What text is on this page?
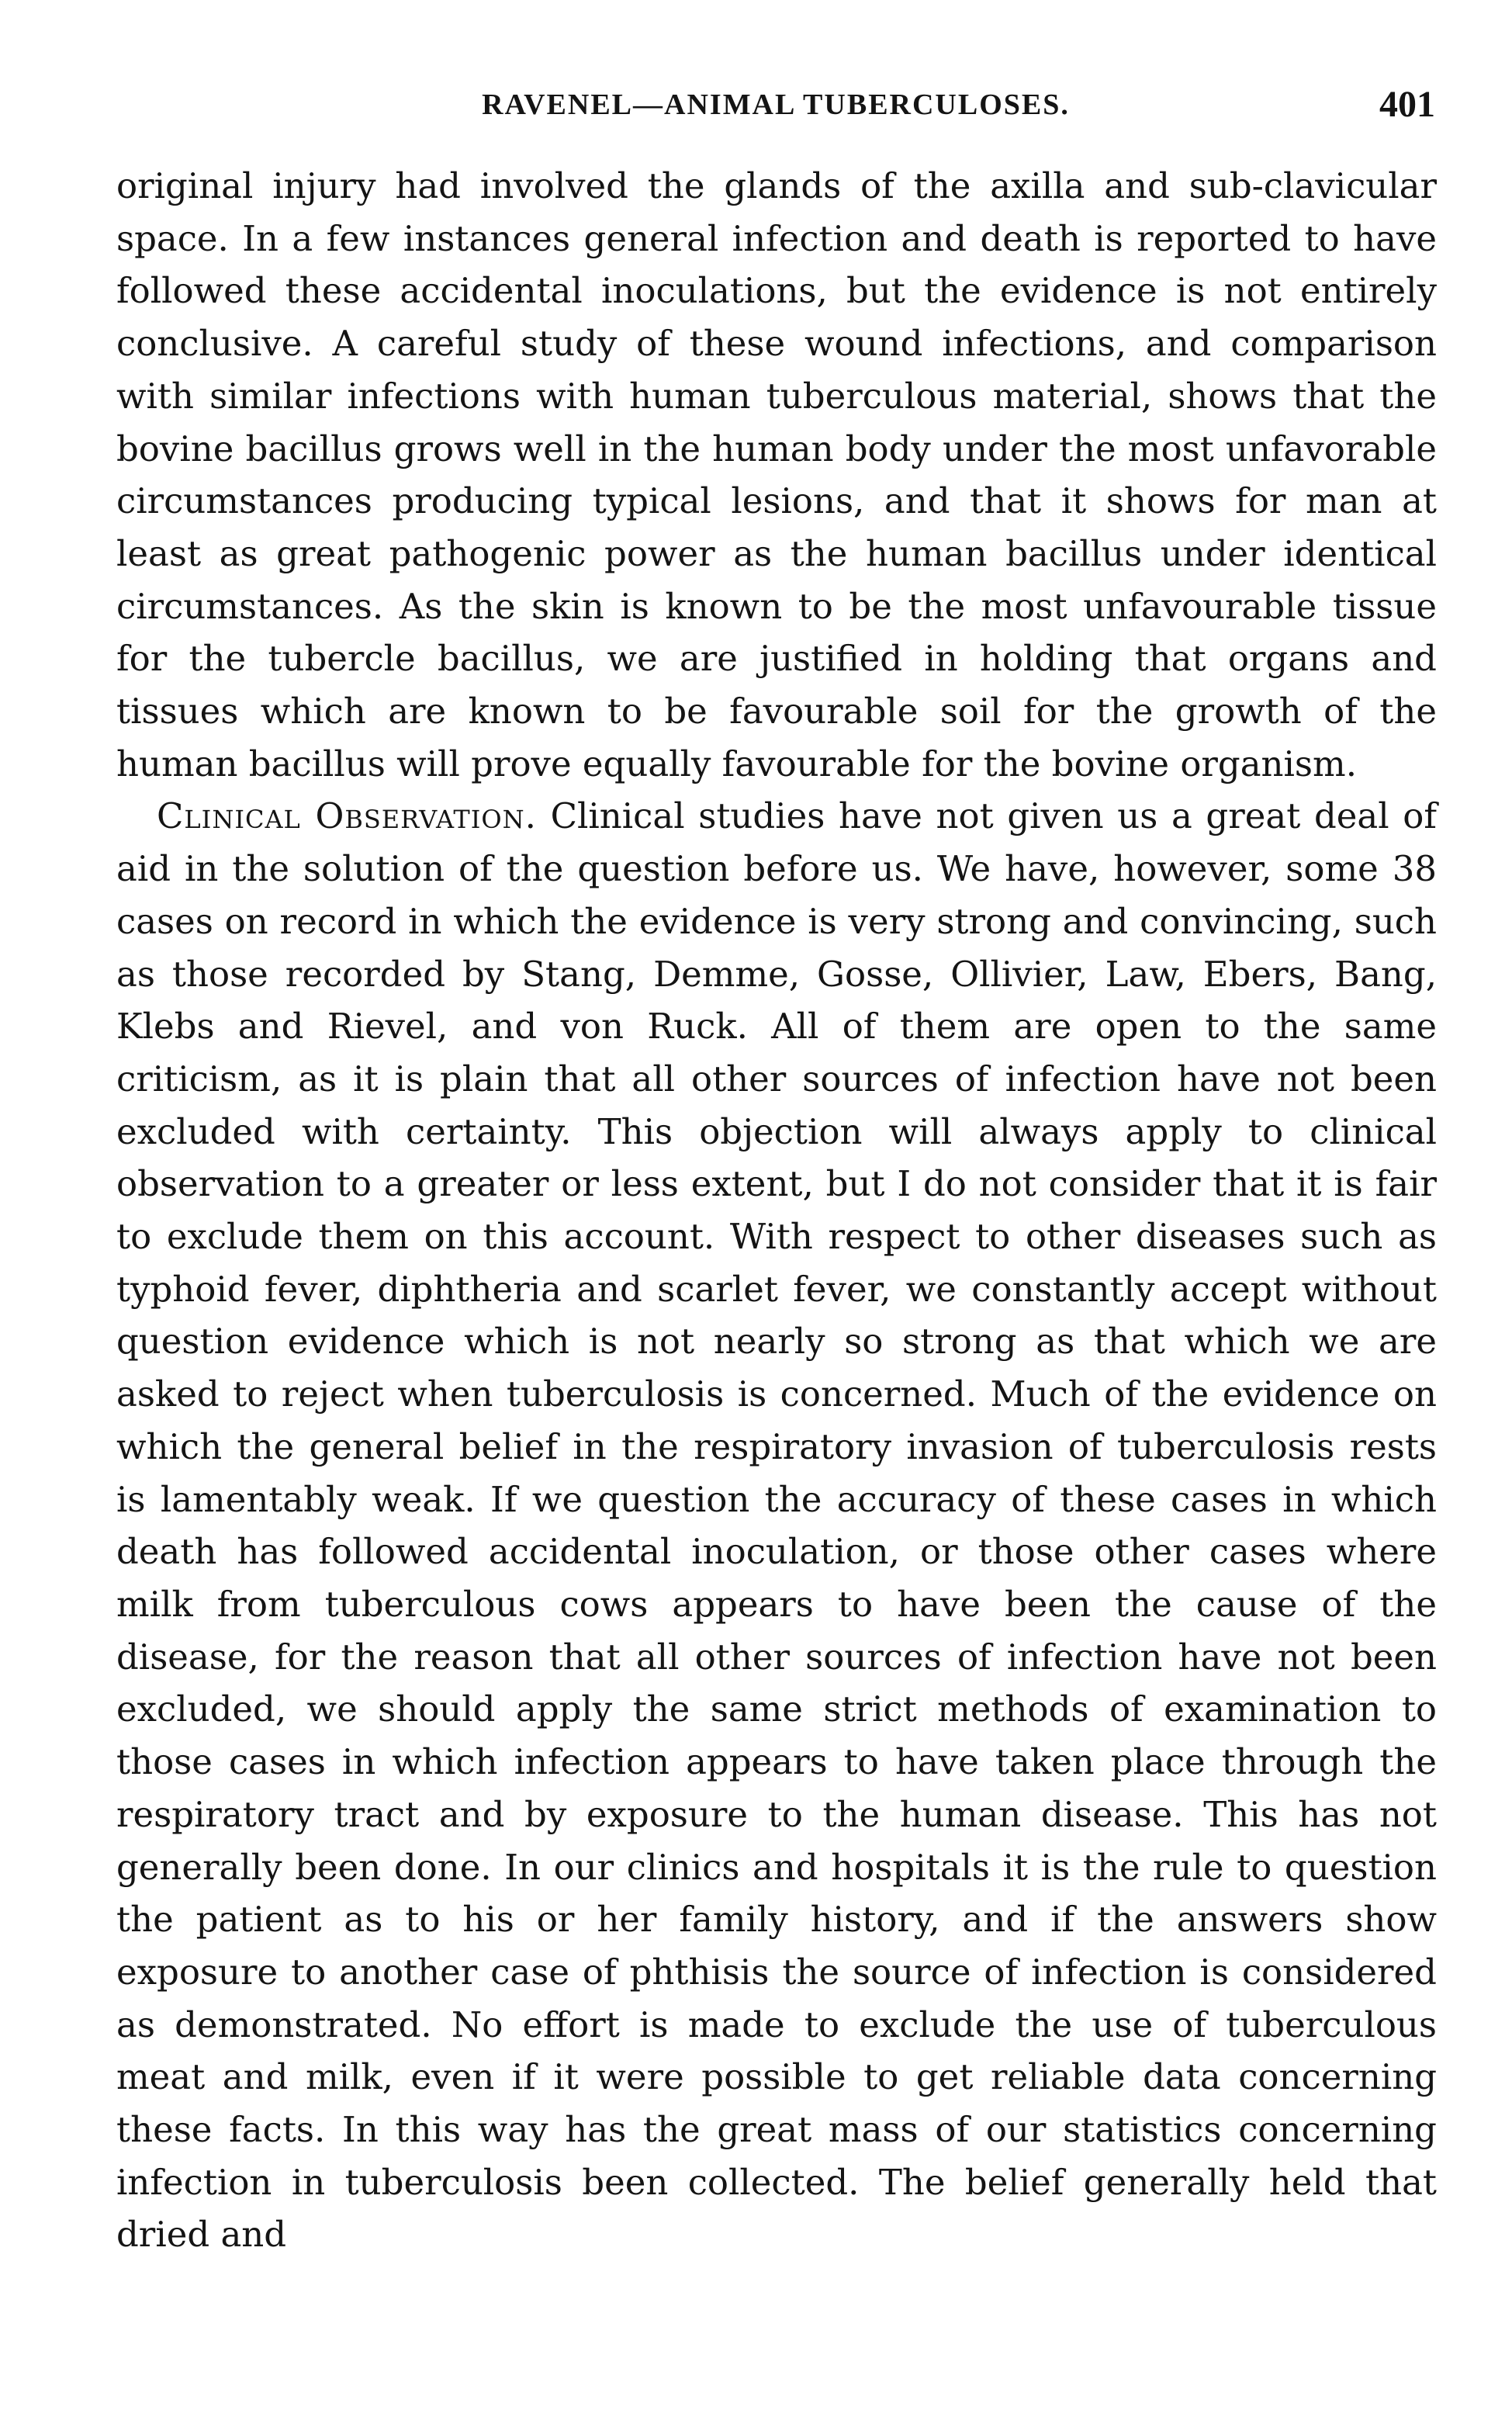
RAVENEL—ANIMAL TUBERCULOSES.	401

original injury had involved the glands of the axilla and sub-clavicular space. In a few instances general infection and death is reported to have followed these accidental inoculations, but the evidence is not entirely conclusive. A careful study of these wound infections, and comparison with similar infections with human tuberculous material, shows that the bovine bacillus grows well in the human body under the most unfavorable circumstances producing typical lesions, and that it shows for man at least as great pathogenic power as the human bacillus under identical circumstances. As the skin is known to be the most unfavourable tissue for the tubercle bacillus, we are justified in holding that organs and tissues which are known to be favourable soil for the growth of the human bacillus will prove equally favourable for the bovine organism.

Clinical Observation. Clinical studies have not given us a great deal of aid in the solution of the question before us. We have, however, some 38 cases on record in which the evidence is very strong and convincing, such as those recorded by Stang, Demme, Gosse, Ollivier, Law, Ebers, Bang, Klebs and Rievel, and von Ruck. All of them are open to the same criticism, as it is plain that all other sources of infection have not been excluded with certainty. This objection will always apply to clinical observation to a greater or less extent, but I do not consider that it is fair to exclude them on this account. With respect to other diseases such as typhoid fever, diphtheria and scarlet fever, we constantly accept without question evidence which is not nearly so strong as that which we are asked to reject when tuberculosis is concerned. Much of the evidence on which the general belief in the respiratory invasion of tuberculosis rests is lamentably weak. If we question the accuracy of these cases in which death has followed accidental inoculation, or those other cases where milk from tuberculous cows appears to have been the cause of the disease, for the reason that all other sources of infection have not been excluded, we should apply the same strict methods of examination to those cases in which infection appears to have taken place through the respiratory tract and by exposure to the human disease. This has not generally been done. In our clinics and hospitals it is the rule to question the patient as to his or her family history, and if the answers show exposure to another case of phthisis the source of infection is considered as demonstrated. No effort is made to exclude the use of tuberculous meat and milk, even if it were possible to get reliable data concerning these facts. In this way has the great mass of our statistics concerning infection in tuberculosis been collected. The belief generally held that dried and
